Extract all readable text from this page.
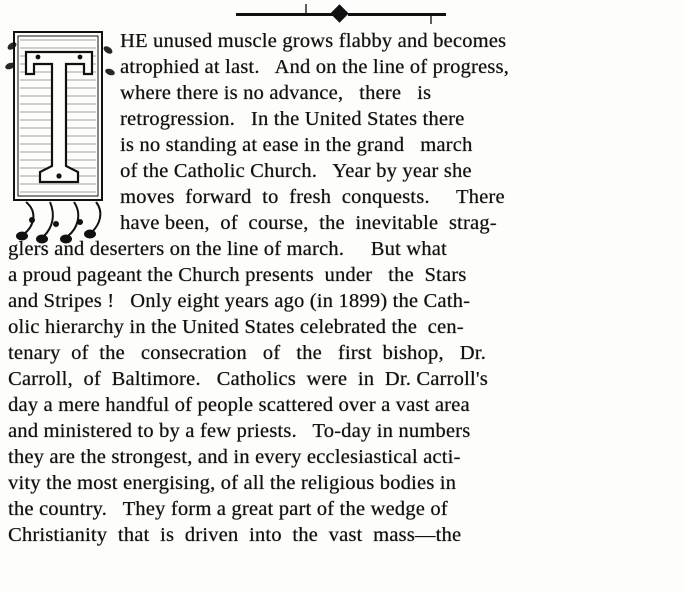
HE unused muscle grows flabby and becomes
atrophied at last.   And on the line of progress,
where there is no advance,   there   is
retrogression.   In the United States there
is no standing at ease in the grand   march
of the Catholic Church.   Year by year she
moves  forward  to  fresh  conquests.     There
have been,  of  course,  the  inevitable  strag-
glers and deserters on the line of march.     But what
a proud pageant the Church presents  under   the  Stars
and Stripes !   Only eight years ago (in 1899) the Cath-
olic hierarchy in the United States celebrated the  cen-
tenary  of  the   consecration   of   the   first  bishop,   Dr.
Carroll,  of  Baltimore.   Catholics  were  in  Dr. Carroll's
day a mere handful of people scattered over a vast area
and ministered to by a few priests.   To-day in numbers
they are the strongest, and in every ecclesiastical acti-
vity the most energising, of all the religious bodies in
the country.   They form a great part of the wedge of
Christianity  that  is  driven  into  the  vast  mass—the
